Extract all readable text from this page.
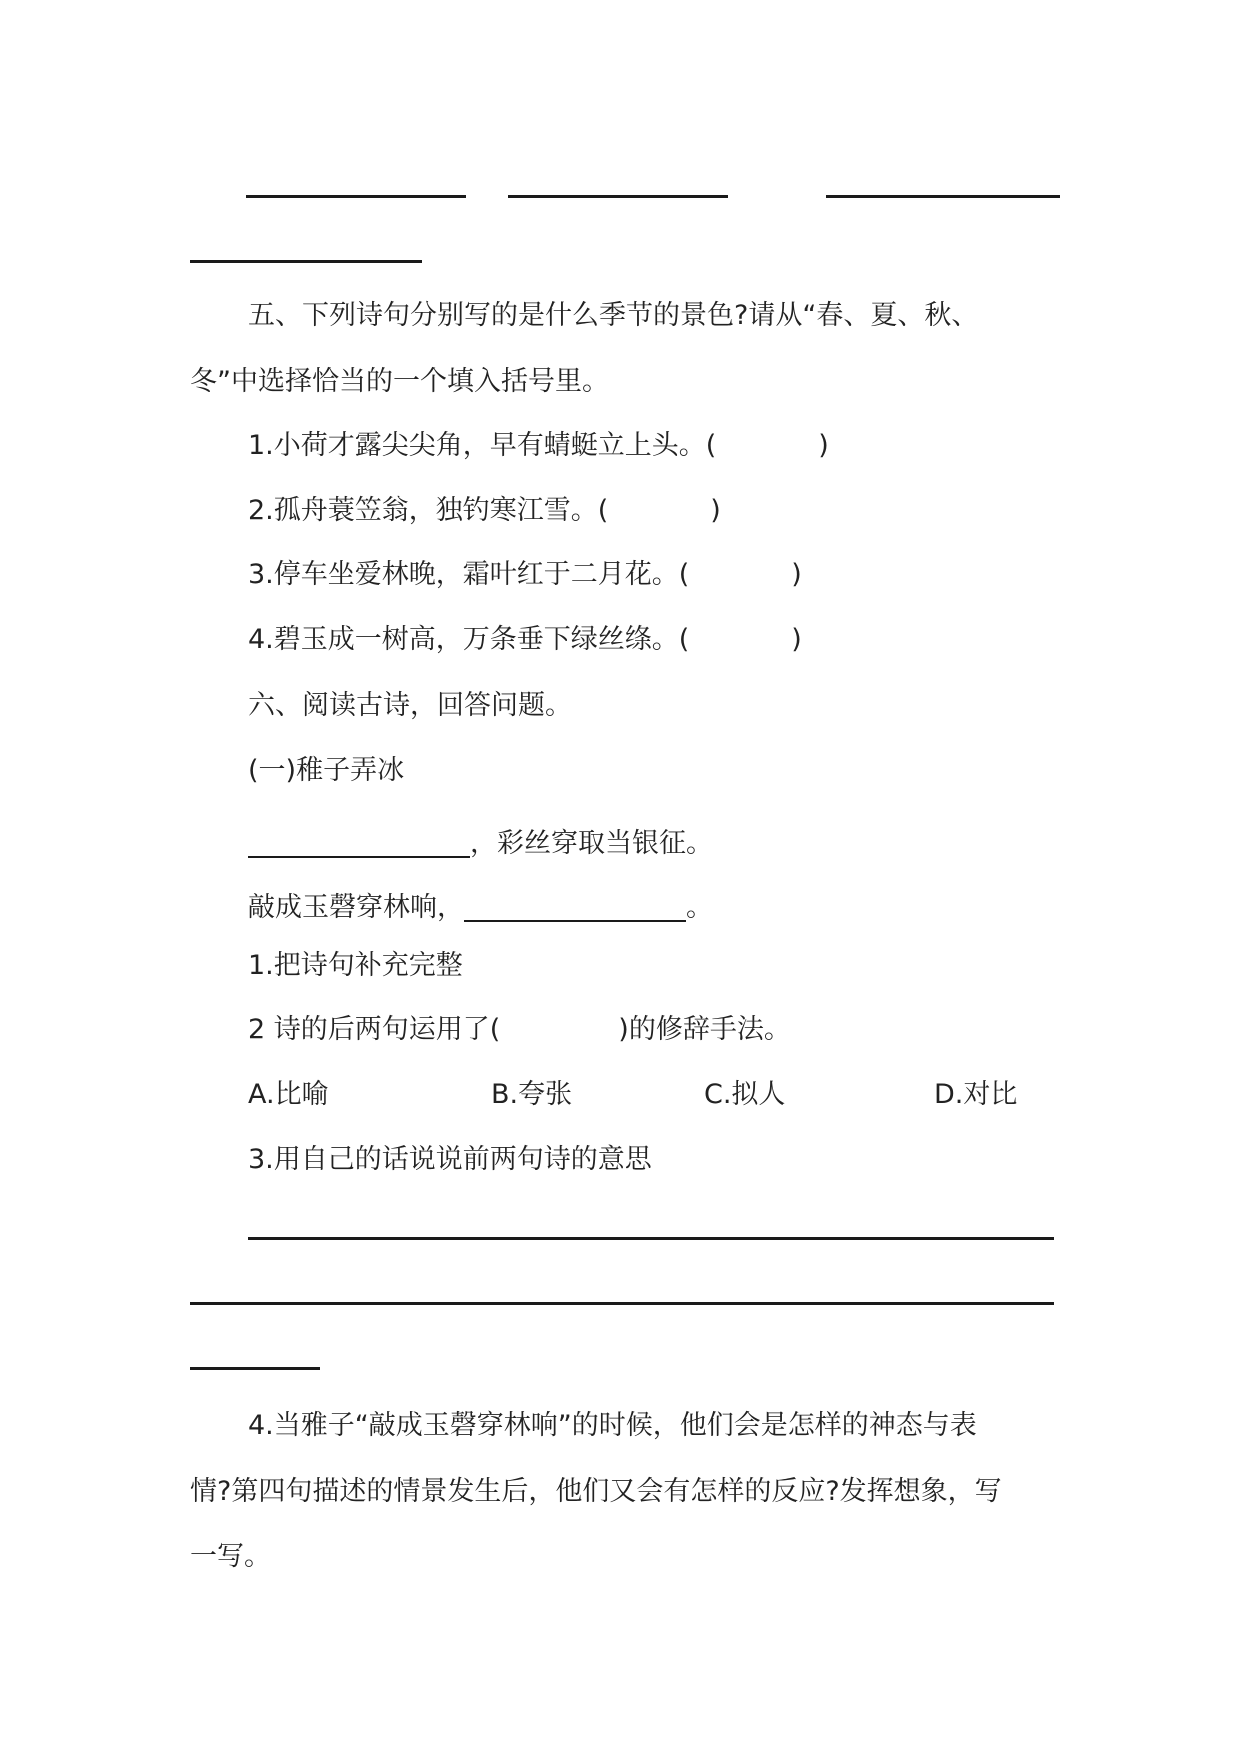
五、下列诗句分别写的是什么季节的景色?请从“春、夏、秋、
冬”中选择恰当的一个填入括号里。
1.小荷才露尖尖角，早有蜻蜓立上头。(	)
2.孤舟蓑笠翁，独钓寒江雪。(	)
3.停车坐爱林晚，霜叶红于二月花。(	)
4.碧玉成一树高，万条垂下绿丝绦。(	)
六、阅读古诗，回答问题。
(一)稚子弄冰
，彩丝穿取当银征。
敲成玉磬穿林响，	。
1.把诗句补充完整
2 诗的后两句运用了(	)的修辞手法。
A.比喻	B.夸张	C.拟人	D.对比
3.用自己的话说说前两句诗的意思
4.当雅子“敲成玉磬穿林响”的时候，他们会是怎样的神态与表
情?第四句描述的情景发生后，他们又会有怎样的反应?发挥想象，写
一写。
